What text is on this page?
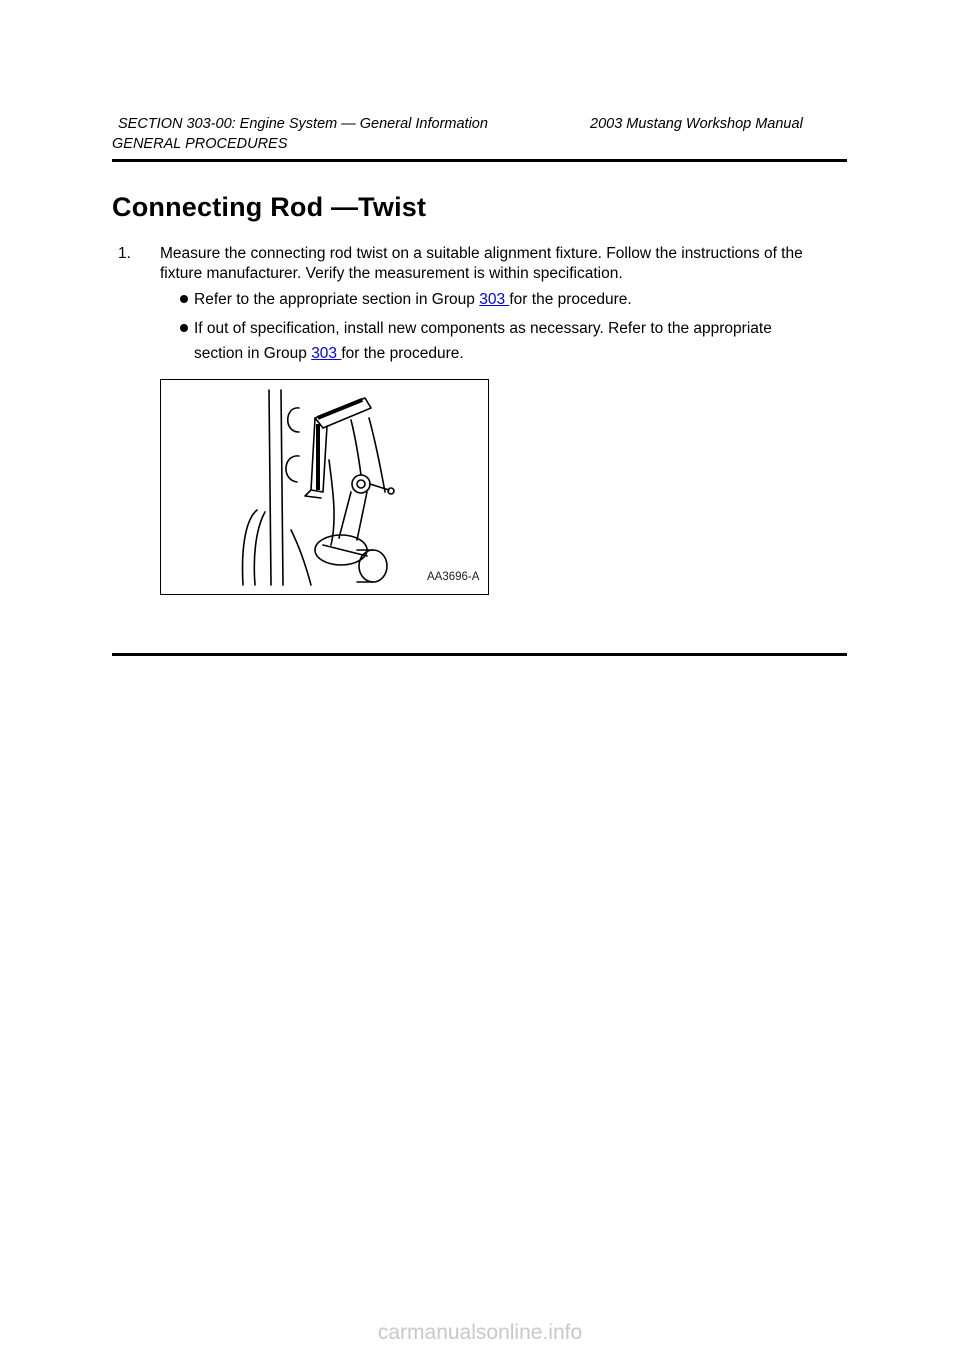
SECTION 303-00: Engine System — General Information	2003 Mustang Workshop Manual
GENERAL PROCEDURES
Connecting Rod —Twist
1. Measure the connecting rod twist on a suitable alignment fixture. Follow the instructions of the
fixture manufacturer. Verify the measurement is within specification.
Refer to the appropriate section in Group 303 for the procedure.
If out of specification, install new components as necessary. Refer to the appropriate
section in Group 303 for the procedure.
AA3696-A
carmanualsonline.info
